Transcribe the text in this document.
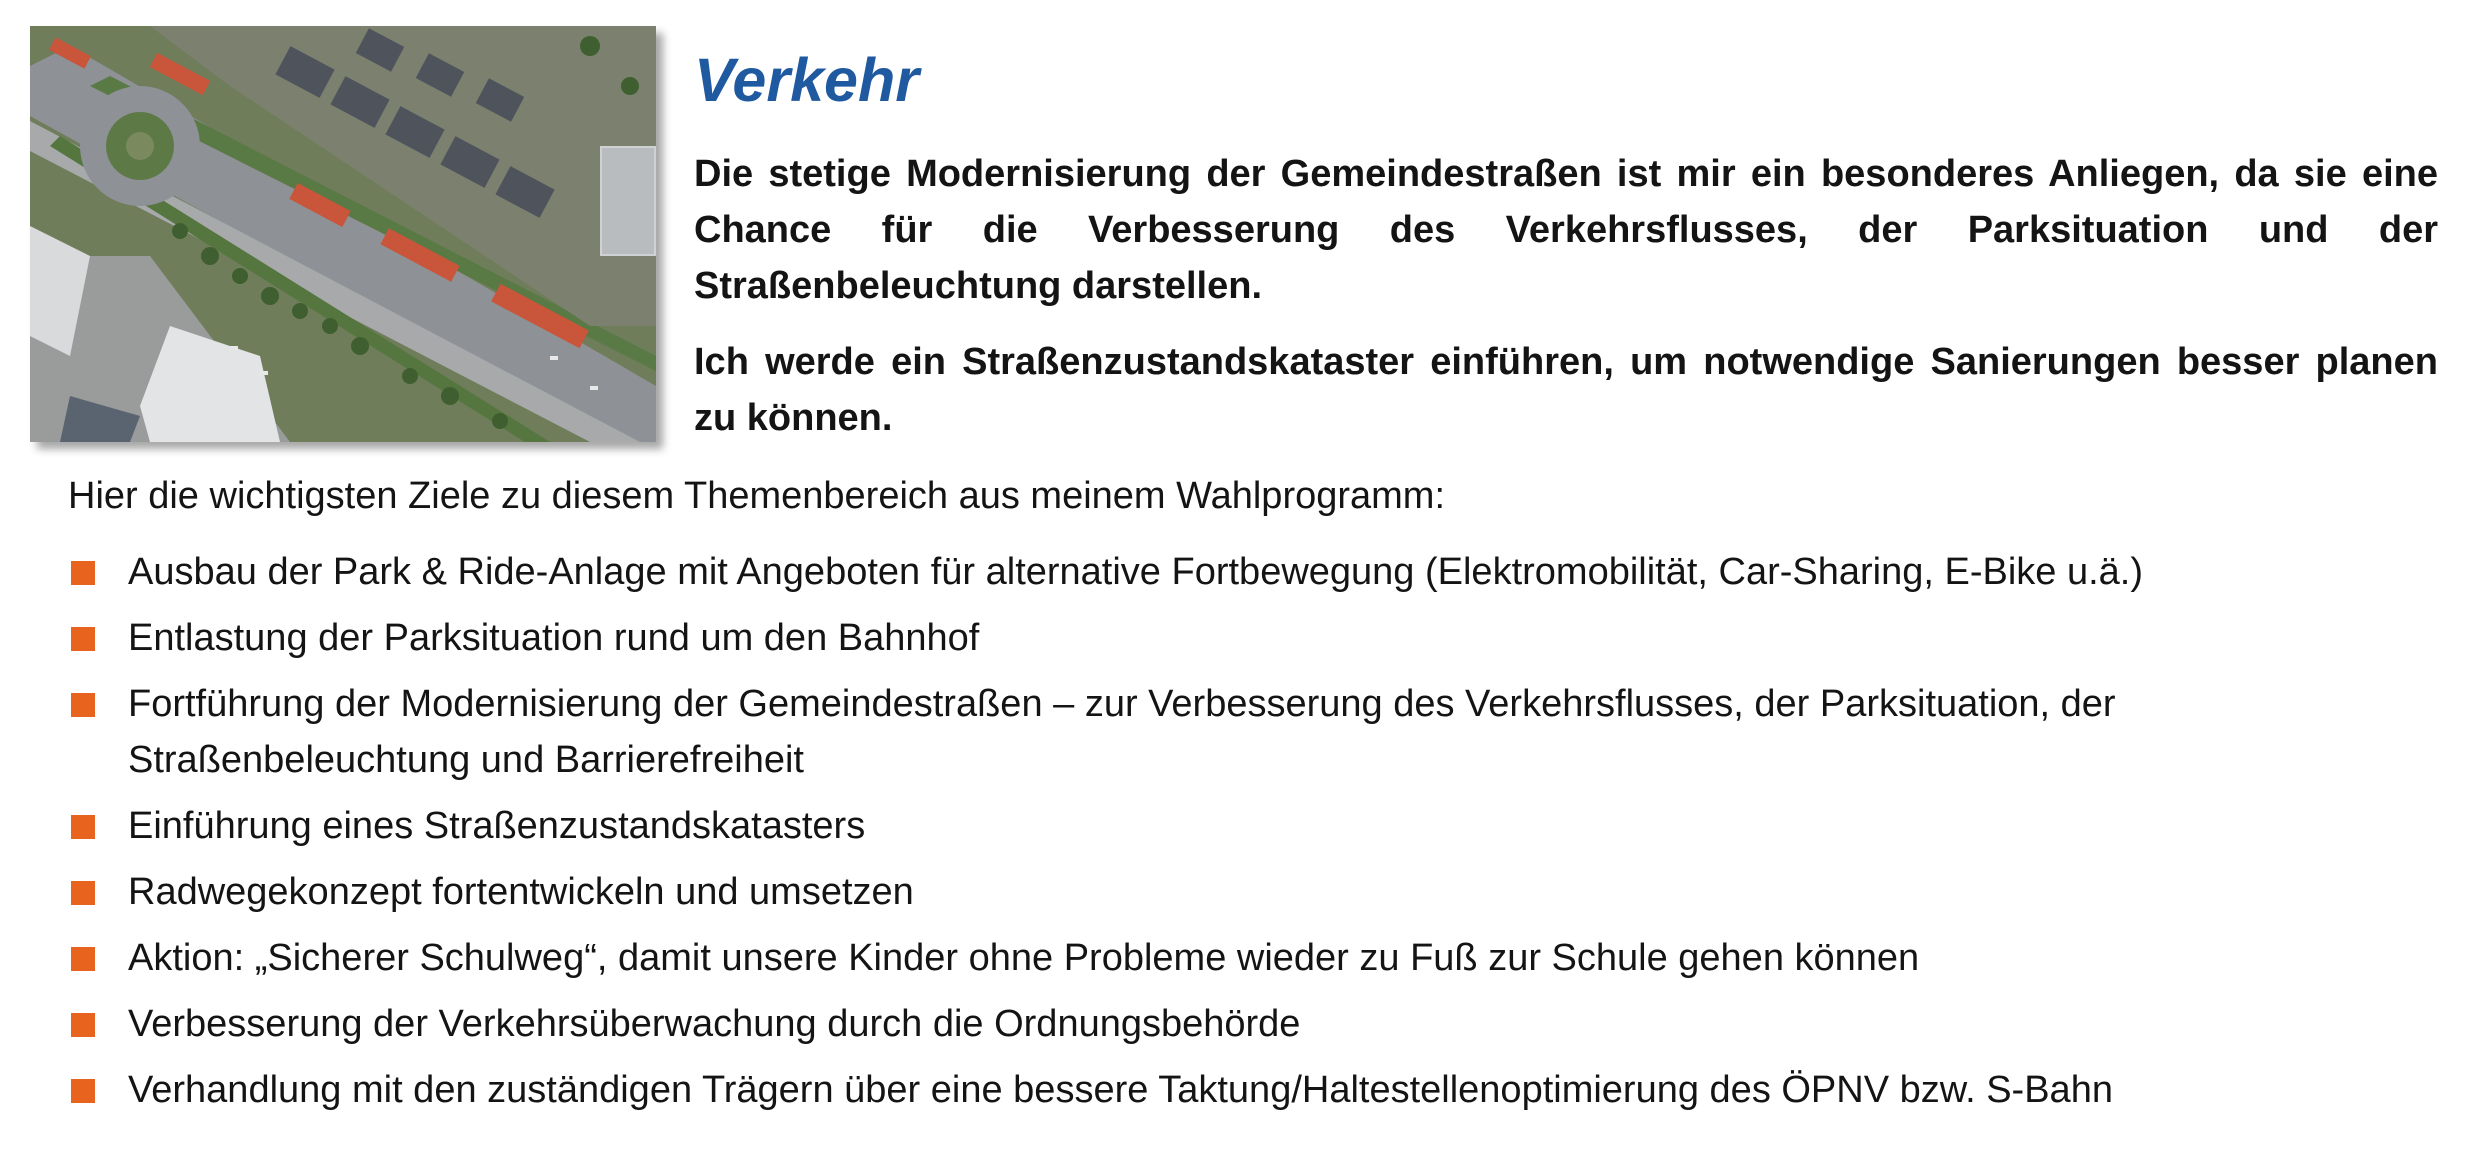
Verkehr

Die stetige Modernisierung der Gemeindestraßen ist mir ein besonderes Anliegen, da sie eine Chance für die Verbesserung des Verkehrsflusses, der Parksituation und der Straßenbeleuchtung darstellen.

Ich werde ein Straßenzustandskataster einführen, um notwendige Sanierungen besser planen zu können.

Hier die wichtigsten Ziele zu diesem Themenbereich aus meinem Wahlprogramm:

Ausbau der Park & Ride-Anlage mit Angeboten für alternative Fortbewegung (Elektromobilität, Car-Sharing, E-Bike u.ä.)
Entlastung der Parksituation rund um den Bahnhof
Fortführung der Modernisierung der Gemeindestraßen – zur Verbesserung des Verkehrsflusses, der Parksituation, der Straßenbeleuchtung und Barrierefreiheit
Einführung eines Straßenzustandskatasters
Radwegekonzept fortentwickeln und umsetzen
Aktion: „Sicherer Schulweg“, damit unsere Kinder ohne Probleme wieder zu Fuß zur Schule gehen können
Verbesserung der Verkehrsüberwachung durch die Ordnungsbehörde
Verhandlung mit den zuständigen Trägern über eine bessere Taktung/Haltestellenoptimierung des ÖPNV bzw. S-Bahn
